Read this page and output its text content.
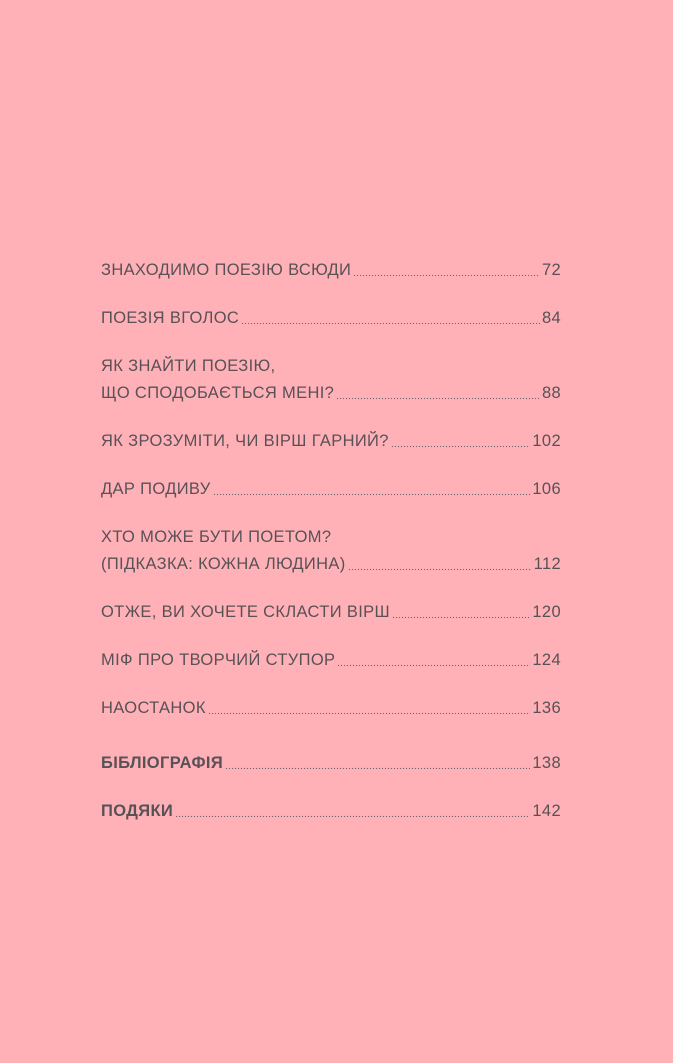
ЗНАХОДИМО ПОЕЗІЮ ВСЮДИ	72
ПОЕЗІЯ ВГОЛОС	84
ЯК ЗНАЙТИ ПОЕЗІЮ,
ЩО СПОДОБАЄТЬСЯ МЕНІ?	88
ЯК ЗРОЗУМІТИ, ЧИ ВІРШ ГАРНИЙ?	102
ДАР ПОДИВУ	106
ХТО МОЖЕ БУТИ ПОЕТОМ?
(ПІДКАЗКА: КОЖНА ЛЮДИНА)	112
ОТЖЕ, ВИ ХОЧЕТЕ СКЛАСТИ ВІРШ	120
МІФ ПРО ТВОРЧИЙ СТУПОР	124
НАОСТАНОК	136
БІБЛІОГРАФІЯ	138
ПОДЯКИ	142
